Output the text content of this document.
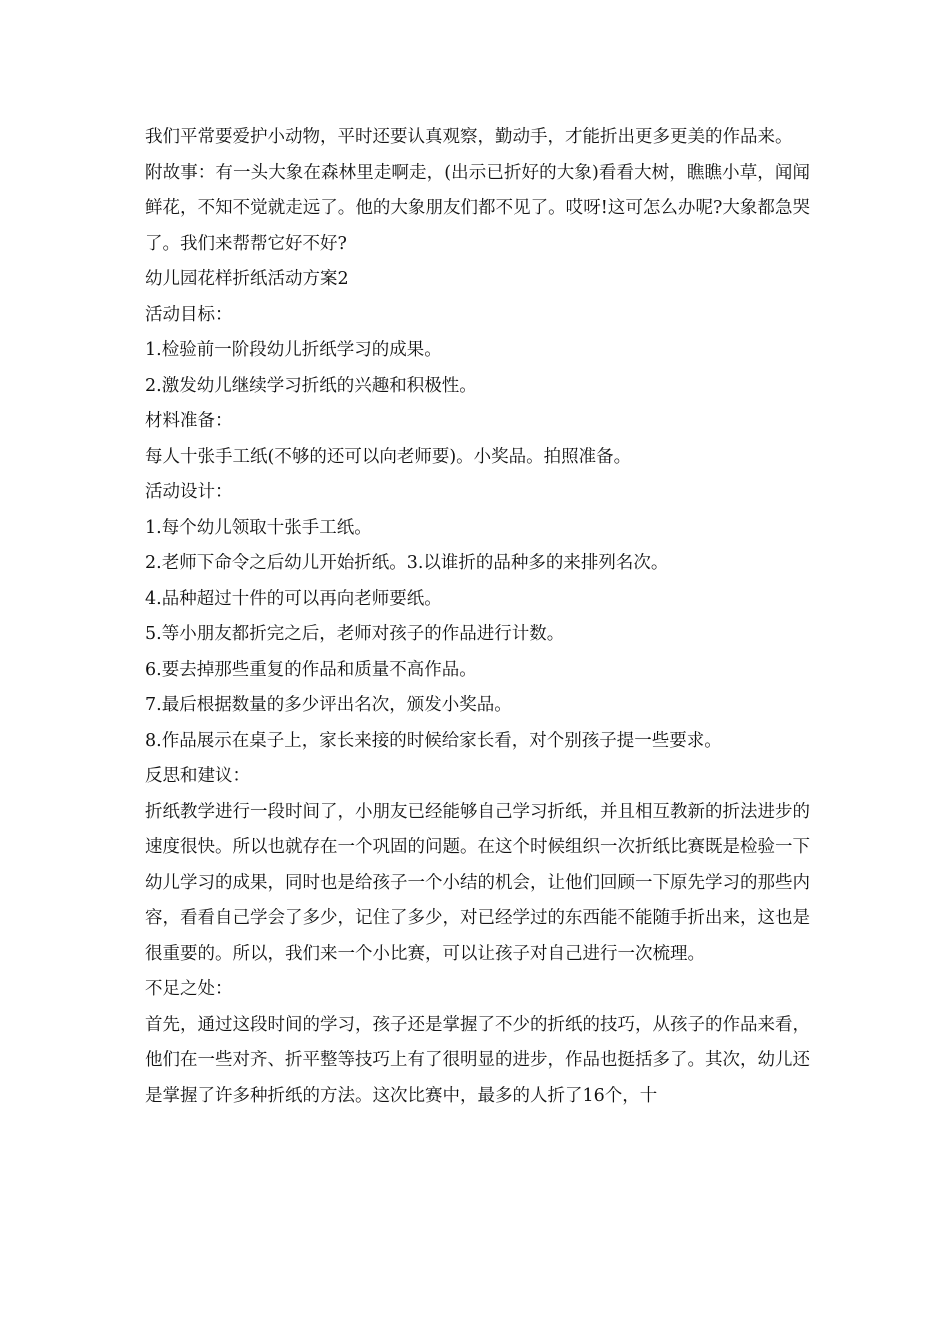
我们平常要爱护小动物，平时还要认真观察，勤动手，才能折出更多更美的作品来。

附故事：有一头大象在森林里走啊走，(出示已折好的大象)看看大树，瞧瞧小草，闻闻鲜花，不知不觉就走远了。他的大象朋友们都不见了。哎呀!这可怎么办呢?大象都急哭了。我们来帮帮它好不好?

幼儿园花样折纸活动方案2

活动目标：

1.检验前一阶段幼儿折纸学习的成果。

2.激发幼儿继续学习折纸的兴趣和积极性。

材料准备：

每人十张手工纸(不够的还可以向老师要)。小奖品。拍照准备。

活动设计：

1.每个幼儿领取十张手工纸。

2.老师下命令之后幼儿开始折纸。3.以谁折的品种多的来排列名次。

4.品种超过十件的可以再向老师要纸。

5.等小朋友都折完之后，老师对孩子的作品进行计数。

6.要去掉那些重复的作品和质量不高作品。

7.最后根据数量的多少评出名次，颁发小奖品。

8.作品展示在桌子上，家长来接的时候给家长看，对个别孩子提一些要求。

反思和建议：

折纸教学进行一段时间了，小朋友已经能够自己学习折纸，并且相互教新的折法进步的速度很快。所以也就存在一个巩固的问题。在这个时候组织一次折纸比赛既是检验一下幼儿学习的成果，同时也是给孩子一个小结的机会，让他们回顾一下原先学习的那些内容，看看自己学会了多少，记住了多少，对已经学过的东西能不能随手折出来，这也是很重要的。所以，我们来一个小比赛，可以让孩子对自己进行一次梳理。

不足之处：

首先，通过这段时间的学习，孩子还是掌握了不少的折纸的技巧，从孩子的作品来看，他们在一些对齐、折平整等技巧上有了很明显的进步，作品也挺括多了。其次，幼儿还是掌握了许多种折纸的方法。这次比赛中，最多的人折了16个，十
